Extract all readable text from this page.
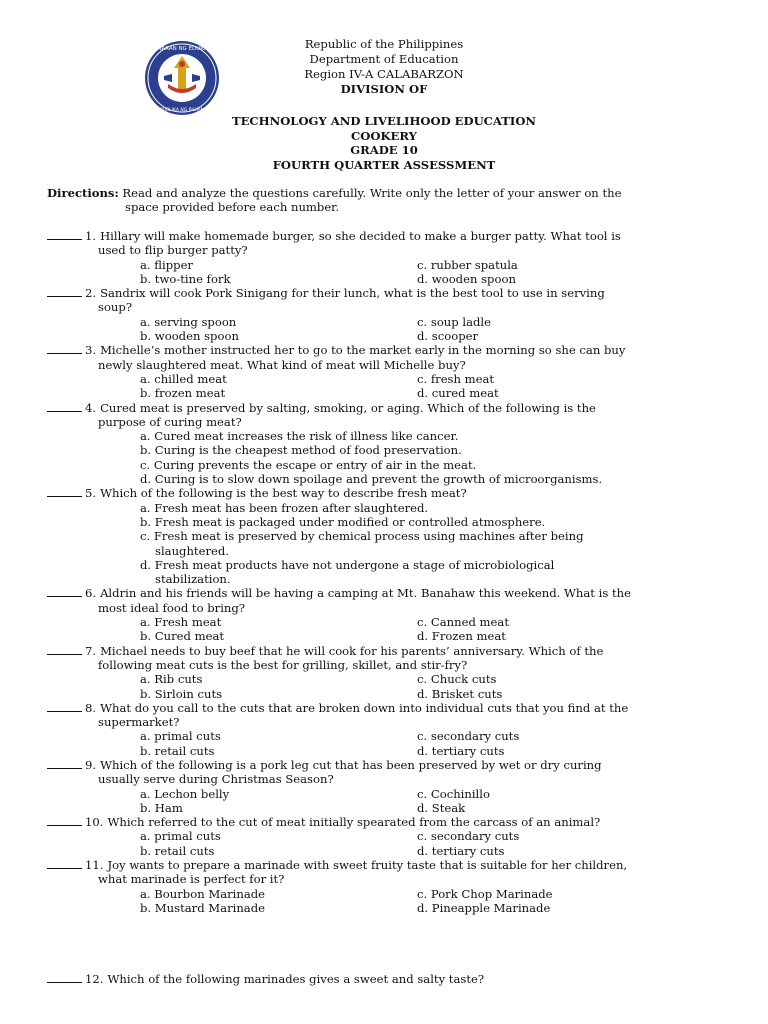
KAGAWARAN NG EDUKASYON
REPUBLIKA NG PILIPINAS
Republic of the Philippines
Department of Education
Region IV-A CALABARZON
DIVISION OF
TECHNOLOGY AND LIVELIHOOD EDUCATION
COOKERY
GRADE 10
FOURTH QUARTER ASSESSMENT
Directions: Read and analyze the questions carefully. Write only the letter of your answer on the
space provided before each number.
1. Hillary will make homemade burger, so she decided to make a burger patty. What tool is
used to flip burger patty?
a. flipper	c. rubber spatula
b. two-tine fork	d. wooden spoon
2. Sandrix will cook Pork Sinigang for their lunch, what is the best tool to use in serving
soup?
a. serving spoon	c. soup ladle
b. wooden spoon	d. scooper
3. Michelle’s mother instructed her to go to the market early in the morning so she can buy
newly slaughtered meat. What kind of meat will Michelle buy?
a. chilled meat	c. fresh meat
b. frozen meat	d. cured meat
4. Cured meat is preserved by salting, smoking, or aging. Which of the following is the
purpose of curing meat?
a. Cured meat increases the risk of illness like cancer.
b. Curing is the cheapest method of food preservation.
c. Curing prevents the escape or entry of air in the meat.
d. Curing is to slow down spoilage and prevent the growth of microorganisms.
5. Which of the following is the best way to describe fresh meat?
a. Fresh meat has been frozen after slaughtered.
b. Fresh meat is packaged under modified or controlled atmosphere.
c. Fresh meat is preserved by chemical process using machines after being
slaughtered.
d. Fresh meat products have not undergone a stage of microbiological
stabilization.
6. Aldrin and his friends will be having a camping at Mt. Banahaw this weekend. What is the
most ideal food to bring?
a. Fresh meat	c. Canned meat
b. Cured meat	d. Frozen meat
7. Michael needs to buy beef that he will cook for his parents’ anniversary. Which of the
following meat cuts is the best for grilling, skillet, and stir-fry?
a. Rib cuts	c. Chuck cuts
b. Sirloin cuts	d. Brisket cuts
8. What do you call to the cuts that are broken down into individual cuts that you find at the
supermarket?
a. primal cuts	c. secondary cuts
b. retail cuts	d. tertiary cuts
9. Which of the following is a pork leg cut that has been preserved by wet or dry curing
usually serve during Christmas Season?
a. Lechon belly	c. Cochinillo
b. Ham	d. Steak
10. Which referred to the cut of meat initially spearated from the carcass of an animal?
a. primal cuts	c. secondary cuts
b. retail cuts	d. tertiary cuts
11. Joy wants to prepare a marinade with sweet fruity taste that is suitable for her children,
what marinade is perfect for it?
a. Bourbon Marinade	c. Pork Chop Marinade
b. Mustard Marinade	d. Pineapple Marinade
12. Which of the following marinades gives a sweet and salty taste?
